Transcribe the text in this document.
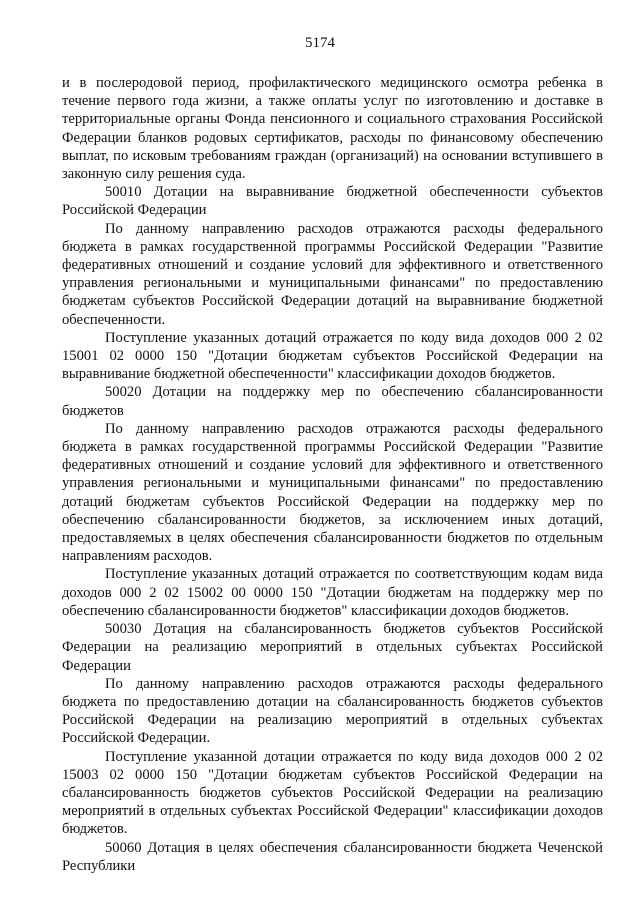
5174

и в послеродовой период, профилактического медицинского осмотра ребенка в течение первого года жизни, а также оплаты услуг по изготовлению и доставке в территориальные органы Фонда пенсионного и социального страхования Российской Федерации бланков родовых сертификатов, расходы по финансовому обеспечению выплат, по исковым требованиям граждан (организаций) на основании вступившего в законную силу решения суда.

50010 Дотации на выравнивание бюджетной обеспеченности субъектов Российской Федерации

По данному направлению расходов отражаются расходы федерального бюджета в рамках государственной программы Российской Федерации "Развитие федеративных отношений и создание условий для эффективного и ответственного управления региональными и муниципальными финансами" по предоставлению бюджетам субъектов Российской Федерации дотаций на выравнивание бюджетной обеспеченности.

Поступление указанных дотаций отражается по коду вида доходов 000 2 02 15001 02 0000 150 "Дотации бюджетам субъектов Российской Федерации на выравнивание бюджетной обеспеченности" классификации доходов бюджетов.

50020 Дотации на поддержку мер по обеспечению сбалансированности бюджетов

По данному направлению расходов отражаются расходы федерального бюджета в рамках государственной программы Российской Федерации "Развитие федеративных отношений и создание условий для эффективного и ответственного управления региональными и муниципальными финансами" по предоставлению дотаций бюджетам субъектов Российской Федерации на поддержку мер по обеспечению сбалансированности бюджетов, за исключением иных дотаций, предоставляемых в целях обеспечения сбалансированности бюджетов по отдельным направлениям расходов.

Поступление указанных дотаций отражается по соответствующим кодам вида доходов 000 2 02 15002 00 0000 150 "Дотации бюджетам на поддержку мер по обеспечению сбалансированности бюджетов" классификации доходов бюджетов.

50030 Дотация на сбалансированность бюджетов субъектов Российской Федерации на реализацию мероприятий в отдельных субъектах Российской Федерации

По данному направлению расходов отражаются расходы федерального бюджета по предоставлению дотации на сбалансированность бюджетов субъектов Российской Федерации на реализацию мероприятий в отдельных субъектах Российской Федерации.

Поступление указанной дотации отражается по коду вида доходов 000 2 02 15003 02 0000 150 "Дотации бюджетам субъектов Российской Федерации на сбалансированность бюджетов субъектов Российской Федерации на реализацию мероприятий в отдельных субъектах Российской Федерации" классификации доходов бюджетов.

50060 Дотация в целях обеспечения сбалансированности бюджета Чеченской Республики
